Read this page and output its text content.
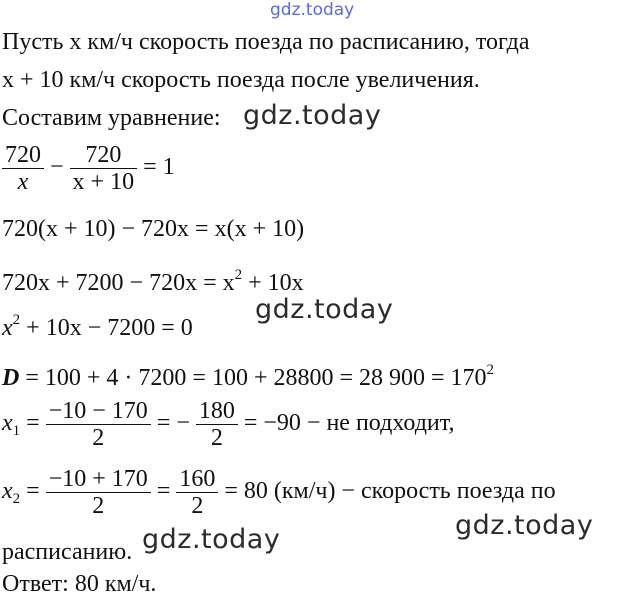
gdz.today
Пусть x км/ч скорость поезда по расписанию, тогда
x + 10 км/ч скорость поезда после увеличения.
Составим уравнение: gdz.today
$\frac{720}{x} - \frac{720}{x + 10} = 1$
720(x + 10) − 720x = x(x + 10)
$720x + 7200 - 720x = x^2 + 10x$
$x^2 + 10x - 7200 = 0$
gdz.today
D = 100 + 4 · 7200 = 100 + 28800 = 28 $900 = 170^2$
$x_1 = \frac{-10 - 170}{2}$ = − $\frac{180}{2} = -90$ − не подходит,
$x_2 = \frac{-10 + 170}{2} = \frac{160}{2} = 80$ (км/ч) − скорость поезда по
gdz.today
расписанию. gdz.today
Ответ: 80 км/ч.
